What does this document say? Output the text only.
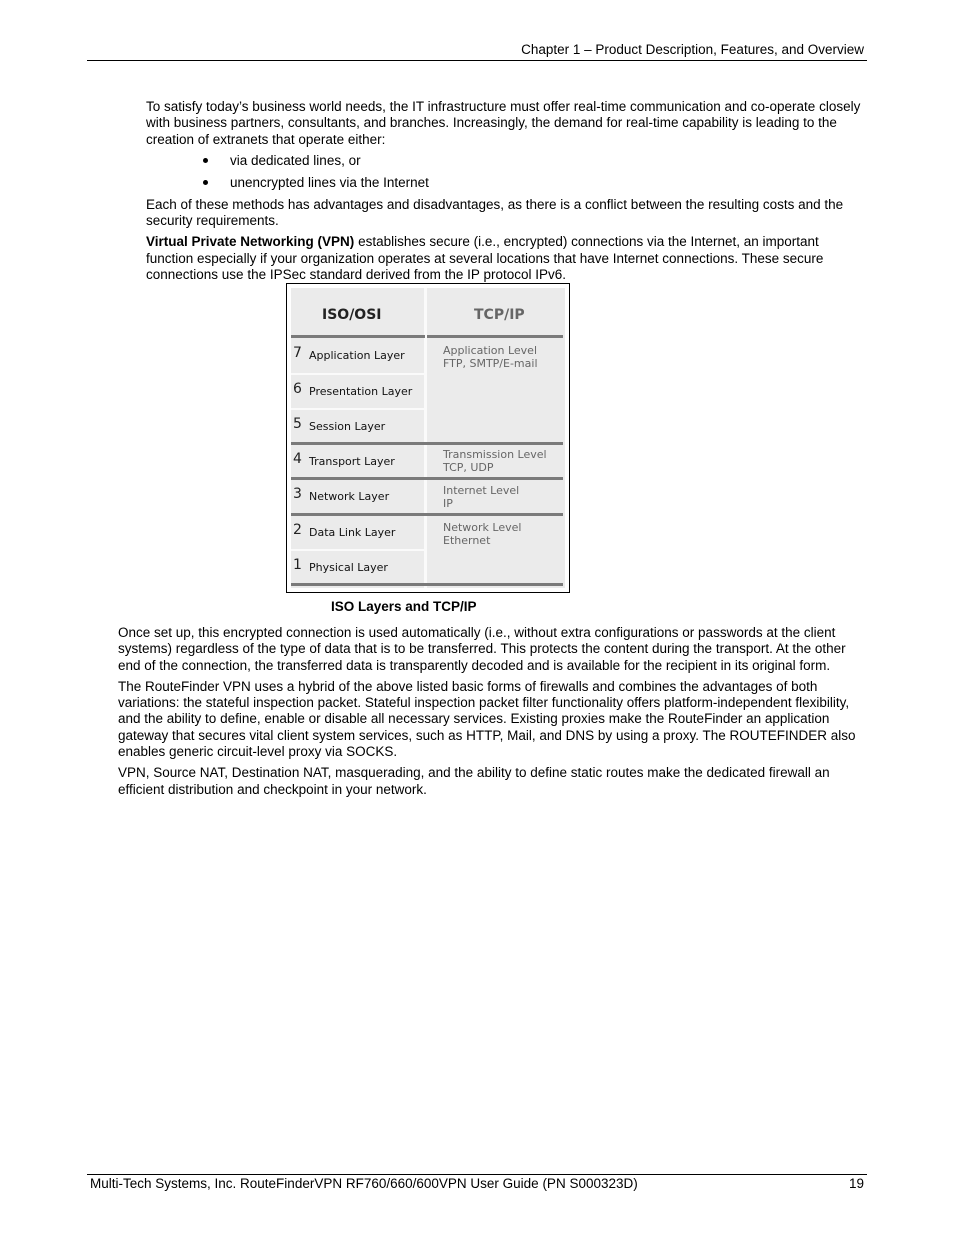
Chapter 1 – Product Description, Features, and Overview

To satisfy today’s business world needs, the IT infrastructure must offer real-time communication and co-operate closely with business partners, consultants, and branches. Increasingly, the demand for real-time capability is leading to the creation of extranets that operate either:

via dedicated lines, or
unencrypted lines via the Internet

Each of these methods has advantages and disadvantages, as there is a conflict between the resulting costs and the security requirements.

Virtual Private Networking (VPN) establishes secure (i.e., encrypted) connections via the Internet, an important function especially if your organization operates at several locations that have Internet connections. These secure connections use the IPSec standard derived from the IP protocol IPv6.

ISO/OSI	TCP/IP
7 Application Layer
6 Presentation Layer
5 Session Layer
4 Transport Layer
3 Network Layer
2 Data Link Layer
1 Physical Layer
Application Level
FTP, SMTP/E-mail
Transmission Level
TCP, UDP
Internet Level
IP
Network Level
Ethernet
ISO Layers and TCP/IP

Once set up, this encrypted connection is used automatically (i.e., without extra configurations or passwords at the client systems) regardless of the type of data that is to be transferred. This protects the content during the transport. At the other end of the connection, the transferred data is transparently decoded and is available for the recipient in its original form.

The RouteFinder VPN uses a hybrid of the above listed basic forms of firewalls and combines the advantages of both variations: the stateful inspection packet. Stateful inspection packet filter functionality offers platform-independent flexibility, and the ability to define, enable or disable all necessary services. Existing proxies make the RouteFinder an application gateway that secures vital client system services, such as HTTP, Mail, and DNS by using a proxy. The ROUTEFINDER also enables generic circuit-level proxy via SOCKS.

VPN, Source NAT, Destination NAT, masquerading, and the ability to define static routes make the dedicated firewall an efficient distribution and checkpoint in your network.

Multi-Tech Systems, Inc. RouteFinderVPN RF760/660/600VPN User Guide (PN S000323D)	19
